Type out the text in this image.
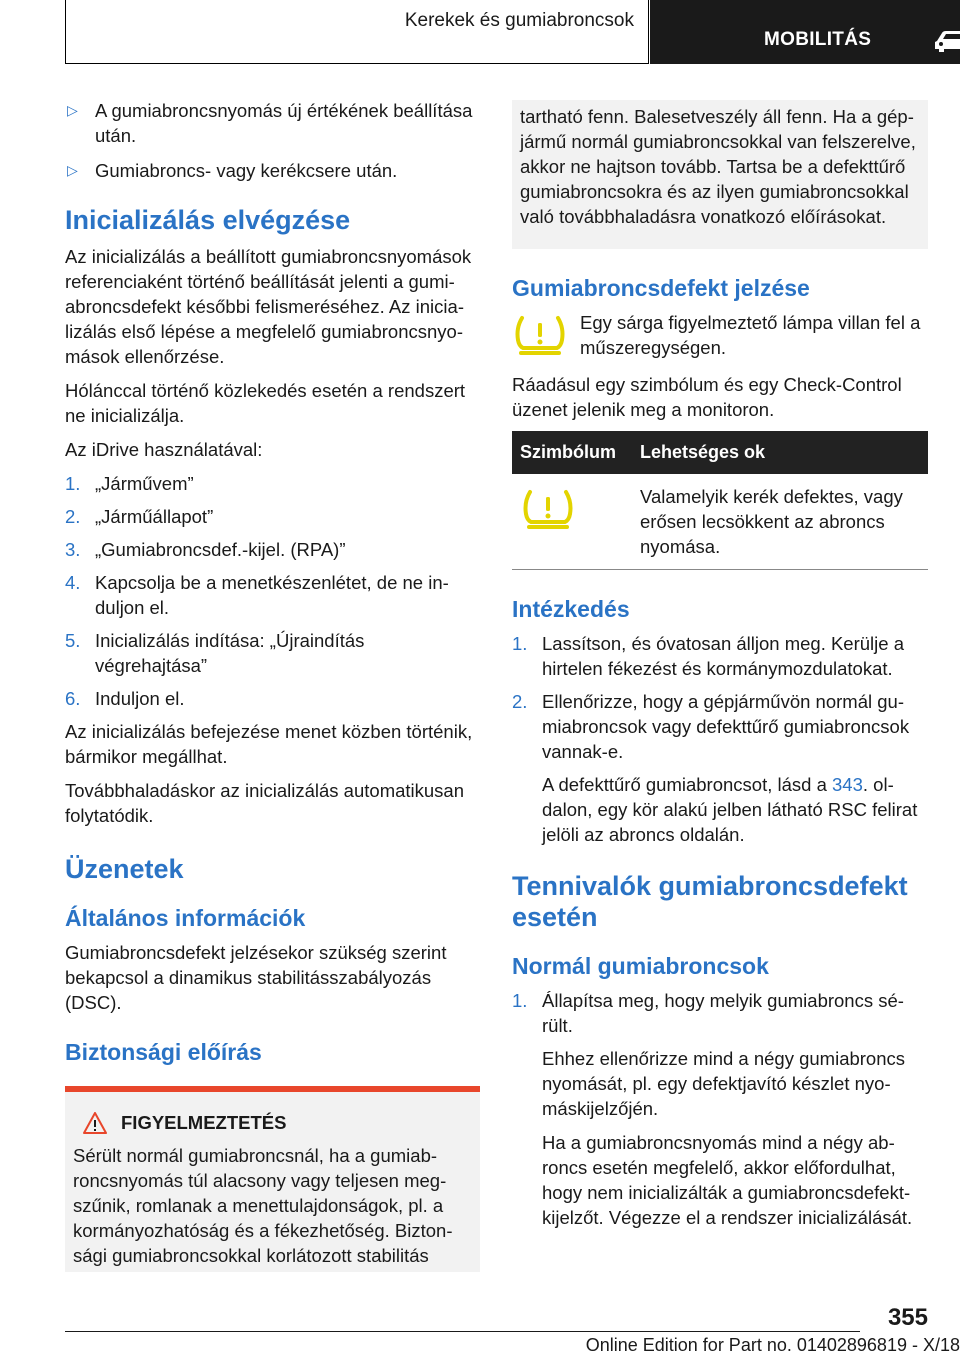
Kerekek és gumiabroncsok
MOBILITÁS
▷ A gumiabroncsnyomás új értékének beállítása után.
▷ Gumiabroncs- vagy kerékcsere után.
Inicializálás elvégzése

Az inicializálás a beállított gumiabroncsnyomások referenciaként történő beállítását jelenti a gumiabroncsdefekt későbbi felismeréséhez. Az inicializálás első lépése a megfelelő gumiabroncsnyomások ellenőrzése.

Hólánccal történő közlekedés esetén a rendszert ne inicializálja.

Az iDrive használatával:

1. „Járművem”
2. „Járműállapot”
3. „Gumiabroncsdef.-kijel. (RPA)”
4. Kapcsolja be a menetkészenlétet, de ne induljon el.
5. Inicializálás indítása: „Újraindítás végrehajtása”
6. Induljon el.

Az inicializálás befejezése menet közben történik, bármikor megállhat.

Továbbhaladáskor az inicializálás automatikusan folytatódik.

Üzenetek
Általános információk

Gumiabroncsdefekt jelzésekor szükség szerint bekapcsol a dinamikus stabilitásszabályozás (DSC).

Biztonsági előírás
FIGYELMEZTETÉS
Sérült normál gumiabroncsnál, ha a gumiabroncsnyomás túl alacsony vagy teljesen megszűnik, romlanak a menettulajdonságok, pl. a kormányozhatóság és a fékezhetőség. Biztonsági gumiabroncsokkal korlátozott stabilitás
tartható fenn. Balesetveszély áll fenn. Ha a gépjármű normál gumiabroncsokkal van felszerelve, akkor ne hajtson tovább. Tartsa be a defekttűrő gumiabroncsokra és az ilyen gumiabroncsokkal való továbbhaladásra vonatkozó előírásokat.
Gumiabroncsdefekt jelzése
Egy sárga figyelmeztető lámpa villan fel a műszeregységen.

Ráadásul egy szimbólum és egy Check-Control üzenet jelenik meg a monitoron.

Szimbólum	Lehetséges ok
	Valamelyik kerék defektes, vagy erősen lecsökkent az abroncs nyomása.
Intézkedés
1. Lassítson, és óvatosan álljon meg. Kerülje a hirtelen fékezést és kormánymozdulatokat.
2. Ellenőrizze, hogy a gépjárművön normál gumiabroncsok vagy defekttűrő gumiabroncsok vannak-e.

A defekttűrő gumiabroncsot, lásd a 343. oldalon, egy kör alakú jelben látható RSC felirat jelöli az abroncs oldalán.

Tennivalók gumiabroncsdefekt esetén
Normál gumiabroncsok
1. Állapítsa meg, hogy melyik gumiabroncs sérült.

Ehhez ellenőrizze mind a négy gumiabroncs nyomását, pl. egy defektjavító készlet nyomáskijelzőjén.

Ha a gumiabroncsnyomás mind a négy abroncs esetén megfelelő, akkor előfordulhat, hogy nem inicializálták a gumiabroncsdefektkijelzőt. Végezze el a rendszer inicializálását.

355
Online Edition for Part no. 01402896819 - X/18
